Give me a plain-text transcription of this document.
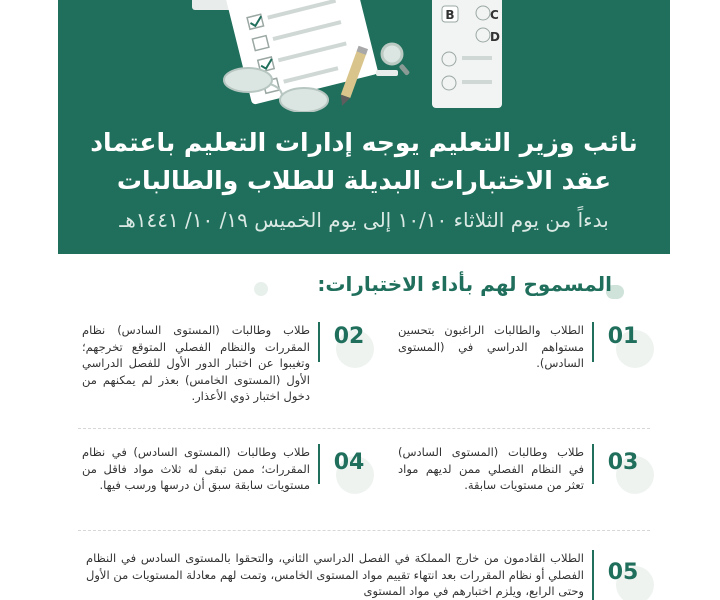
B	C
D
نائب وزير التعليم يوجه إدارات التعليم باعتماد
عقد الاختبارات البديلة للطلاب والطالبات
بدءاً من يوم الثلاثاء ١٠/١٠ إلى يوم الخميس ١٩/ ١٠/ ١٤٤١هـ
المسموح لهم بأداء الاختبارات:
01
الطلاب والطالبات الراغبون بتحسين مستواهم الدراسي في (المستوى السادس).
02
طلاب وطالبات (المستوى السادس) نظام المقررات والنظام الفصلي المتوقع تخرجهم؛ وتغيبوا عن اختبار الدور الأول للفصل الدراسي الأول (المستوى الخامس) بعذر لم يمكنهم من دخول اختبار ذوي الأعذار.
03
طلاب وطالبات (المستوى السادس) في النظام الفصلي ممن لديهم مواد تعثر من مستويات سابقة.
04
طلاب وطالبات (المستوى السادس) في نظام المقررات؛ ممن تبقى له ثلاث مواد فاقل من مستويات سابقة سبق أن درسها ورسب فيها.
05
الطلاب القادمون من خارج المملكة في الفصل الدراسي الثاني، والتحقوا بالمستوى السادس في النظام الفصلي أو نظام المقررات بعد انتهاء تقييم مواد المستوى الخامس، وتمت لهم معادلة المستويات من الأول وحتى الرابع، ويلزم اختبارهم في مواد المستوى
